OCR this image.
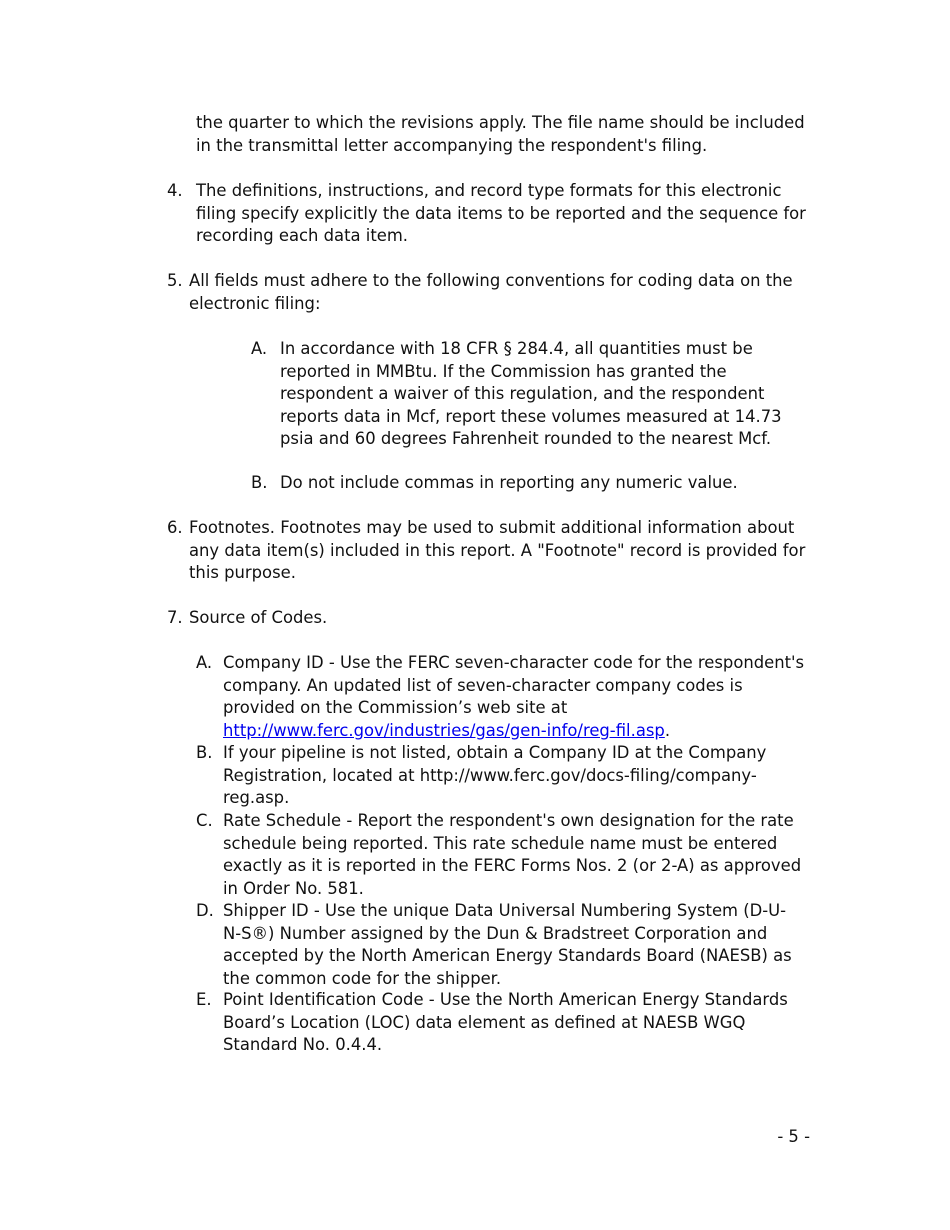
the quarter to which the revisions apply. The file name should be included in the transmittal letter accompanying the respondent's filing.

4. The definitions, instructions, and record type formats for this electronic filing specify explicitly the data items to be reported and the sequence for recording each data item.
5. All fields must adhere to the following conventions for coding data on the electronic filing:
A. In accordance with 18 CFR § 284.4, all quantities must be reported in MMBtu. If the Commission has granted the respondent a waiver of this regulation, and the respondent reports data in Mcf, report these volumes measured at 14.73 psia and 60 degrees Fahrenheit rounded to the nearest Mcf.
B. Do not include commas in reporting any numeric value.
6. Footnotes. Footnotes may be used to submit additional information about any data item(s) included in this report. A "Footnote" record is provided for this purpose.
7. Source of Codes.
A. Company ID - Use the FERC seven-character code for the respondent's company. An updated list of seven-character company codes is provided on the Commission’s web site at http://www.ferc.gov/industries/gas/gen-info/reg-fil.asp.
B. If your pipeline is not listed, obtain a Company ID at the Company Registration, located at http://www.ferc.gov/docs-filing/company-reg.asp.
C. Rate Schedule - Report the respondent's own designation for the rate schedule being reported. This rate schedule name must be entered exactly as it is reported in the FERC Forms Nos. 2 (or 2-A) as approved in Order No. 581.
D. Shipper ID - Use the unique Data Universal Numbering System (D-U-N-S®) Number assigned by the Dun & Bradstreet Corporation and accepted by the North American Energy Standards Board (NAESB) as the common code for the shipper.
E. Point Identification Code - Use the North American Energy Standards Board’s Location (LOC) data element as defined at NAESB WGQ Standard No. 0.4.4.
- 5 -
